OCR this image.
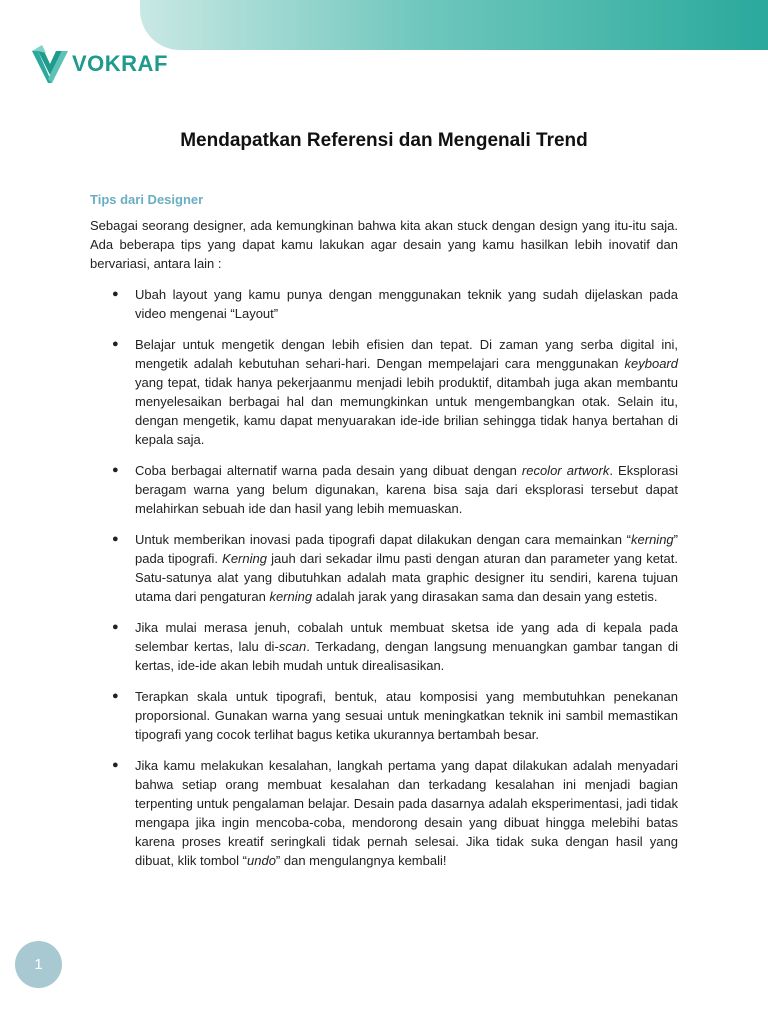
VOKRAF
Mendapatkan Referensi dan Mengenali Trend
Tips dari Designer

Sebagai seorang designer, ada kemungkinan bahwa kita akan stuck dengan design yang itu-itu saja. Ada beberapa tips yang dapat kamu lakukan agar desain yang kamu hasilkan lebih inovatif dan bervariasi, antara lain :

● Ubah layout yang kamu punya dengan menggunakan teknik yang sudah dijelaskan pada video mengenai “Layout”
● Belajar untuk mengetik dengan lebih efisien dan tepat. Di zaman yang serba digital ini, mengetik adalah kebutuhan sehari-hari. Dengan mempelajari cara menggunakan keyboard yang tepat, tidak hanya pekerjaanmu menjadi lebih produktif, ditambah juga akan membantu menyelesaikan berbagai hal dan memungkinkan untuk mengembangkan otak. Selain itu, dengan mengetik, kamu dapat menyuarakan ide-ide brilian sehingga tidak hanya bertahan di kepala saja.
● Coba berbagai alternatif warna pada desain yang dibuat dengan recolor artwork. Eksplorasi beragam warna yang belum digunakan, karena bisa saja dari eksplorasi tersebut dapat melahirkan sebuah ide dan hasil yang lebih memuaskan.
● Untuk memberikan inovasi pada tipografi dapat dilakukan dengan cara memainkan “kerning” pada tipografi. Kerning jauh dari sekadar ilmu pasti dengan aturan dan parameter yang ketat. Satu-satunya alat yang dibutuhkan adalah mata graphic designer itu sendiri, karena tujuan utama dari pengaturan kerning adalah jarak yang dirasakan sama dan desain yang estetis.
● Jika mulai merasa jenuh, cobalah untuk membuat sketsa ide yang ada di kepala pada selembar kertas, lalu di-scan. Terkadang, dengan langsung menuangkan gambar tangan di kertas, ide-ide akan lebih mudah untuk direalisasikan.
● Terapkan skala untuk tipografi, bentuk, atau komposisi yang membutuhkan penekanan proporsional. Gunakan warna yang sesuai untuk meningkatkan teknik ini sambil memastikan tipografi yang cocok terlihat bagus ketika ukurannya bertambah besar.
● Jika kamu melakukan kesalahan, langkah pertama yang dapat dilakukan adalah menyadari bahwa setiap orang membuat kesalahan dan terkadang kesalahan ini menjadi bagian terpenting untuk pengalaman belajar. Desain pada dasarnya adalah eksperimentasi, jadi tidak mengapa jika ingin mencoba-coba, mendorong desain yang dibuat hingga melebihi batas karena proses kreatif seringkali tidak pernah selesai. Jika tidak suka dengan hasil yang dibuat, klik tombol “undo” dan mengulangnya kembali!
1
